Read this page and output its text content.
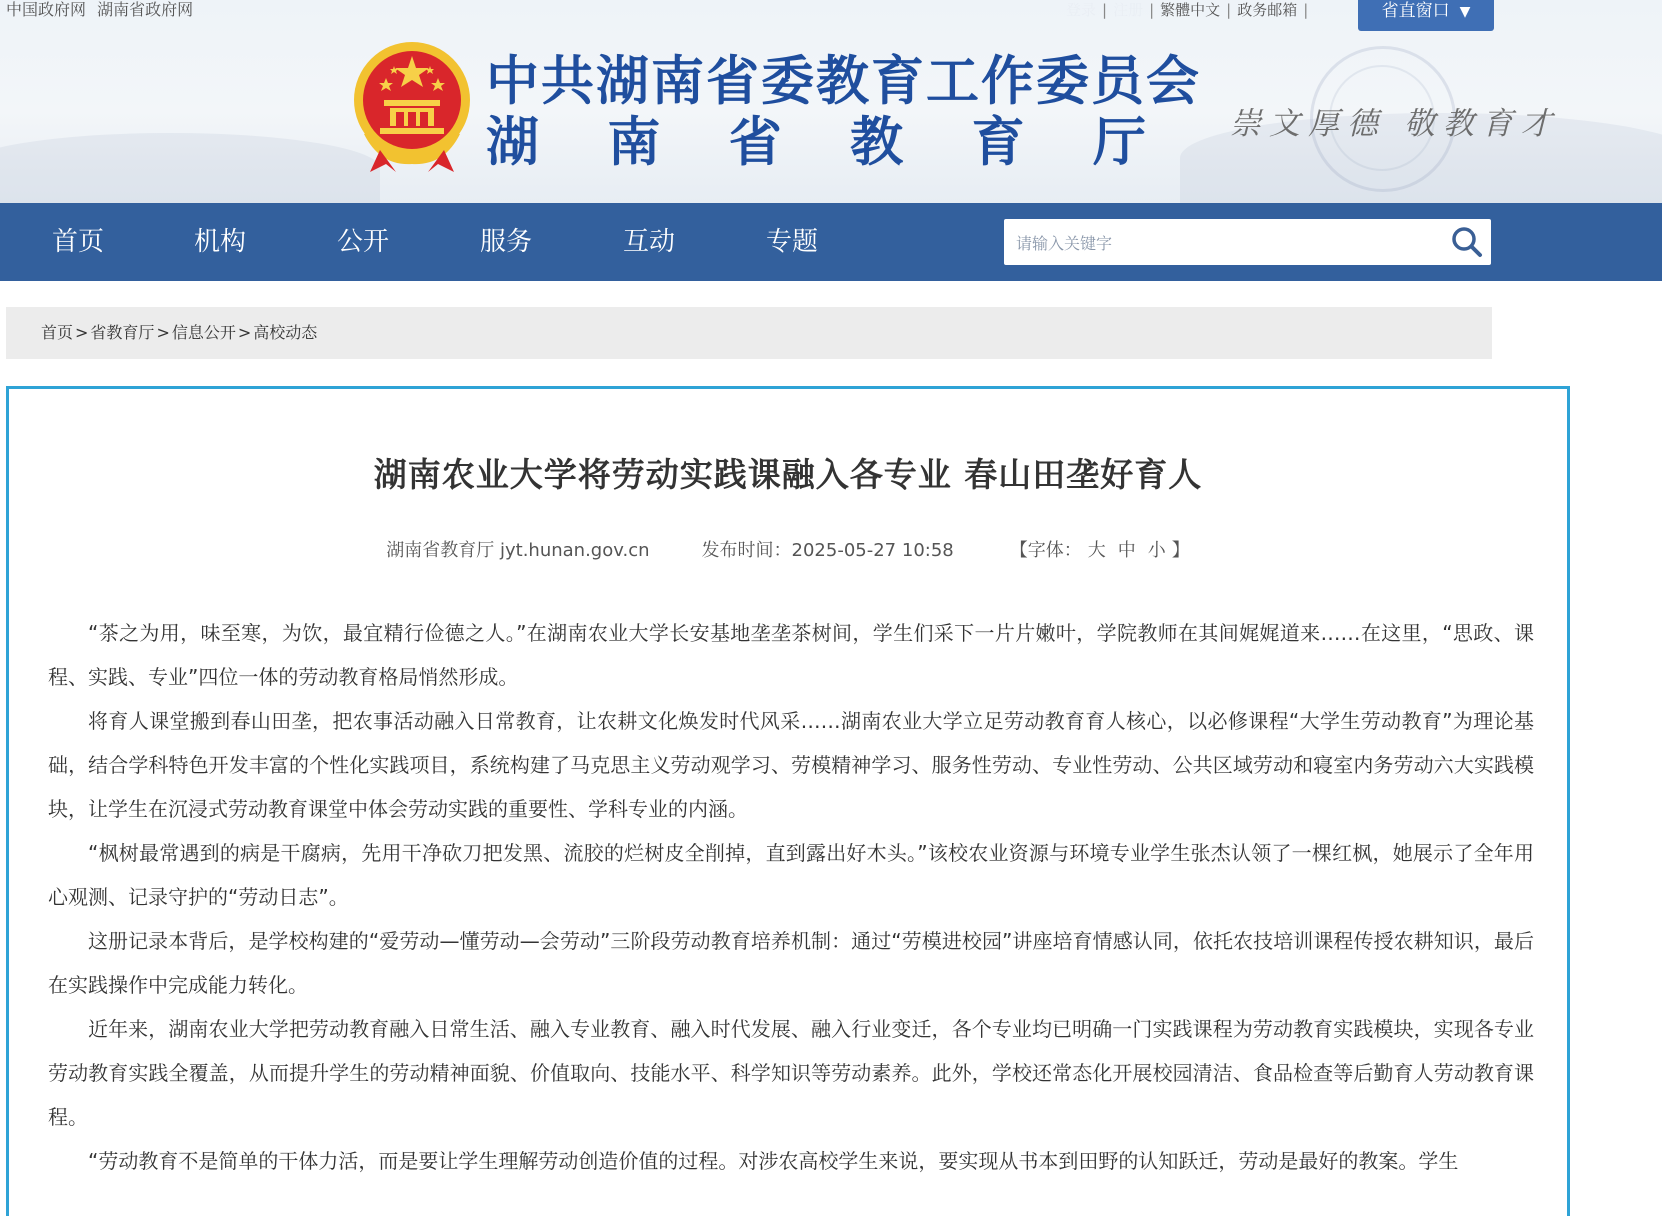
中国政府网 湖南省政府网	登录 | 注册 | 繁體中文 | 政务邮箱 |	省直窗口 ▼
中共湖南省委教育工作委员会
湖 南 省 教 育 厅	崇文厚德 敬教育才
首页	机构	公开	服务	互动	专题
请输入关键字
首页 > 省教育厅 > 信息公开 > 高校动态
湖南农业大学将劳动实践课融入各专业 春山田垄好育人
湖南省教育厅 jyt.hunan.gov.cn	发布时间：2025-05-27 10:58	【字体： 大 中 小 】

“茶之为用，味至寒，为饮，最宜精行俭德之人。”在湖南农业大学长安基地垄垄茶树间，学生们采下一片片嫩叶，学院教师在其间娓娓道来……在这里，“思政、课程、实践、专业”四位一体的劳动教育格局悄然形成。

将育人课堂搬到春山田垄，把农事活动融入日常教育，让农耕文化焕发时代风采……湖南农业大学立足劳动教育育人核心，以必修课程“大学生劳动教育”为理论基础，结合学科特色开发丰富的个性化实践项目，系统构建了马克思主义劳动观学习、劳模精神学习、服务性劳动、专业性劳动、公共区域劳动和寝室内务劳动六大实践模块，让学生在沉浸式劳动教育课堂中体会劳动实践的重要性、学科专业的内涵。

“枫树最常遇到的病是干腐病，先用干净砍刀把发黑、流胶的烂树皮全削掉，直到露出好木头。”该校农业资源与环境专业学生张杰认领了一棵红枫，她展示了全年用心观测、记录守护的“劳动日志”。

这册记录本背后，是学校构建的“爱劳动—懂劳动—会劳动”三阶段劳动教育培养机制：通过“劳模进校园”讲座培育情感认同，依托农技培训课程传授农耕知识，最后在实践操作中完成能力转化。

近年来，湖南农业大学把劳动教育融入日常生活、融入专业教育、融入时代发展、融入行业变迁，各个专业均已明确一门实践课程为劳动教育实践模块，实现各专业劳动教育实践全覆盖，从而提升学生的劳动精神面貌、价值取向、技能水平、科学知识等劳动素养。此外，学校还常态化开展校园清洁、食品检查等后勤育人劳动教育课程。

“劳动教育不是简单的干体力活，而是要让学生理解劳动创造价值的过程。对涉农高校学生来说，要实现从书本到田野的认知跃迁，劳动是最好的教案。学生
